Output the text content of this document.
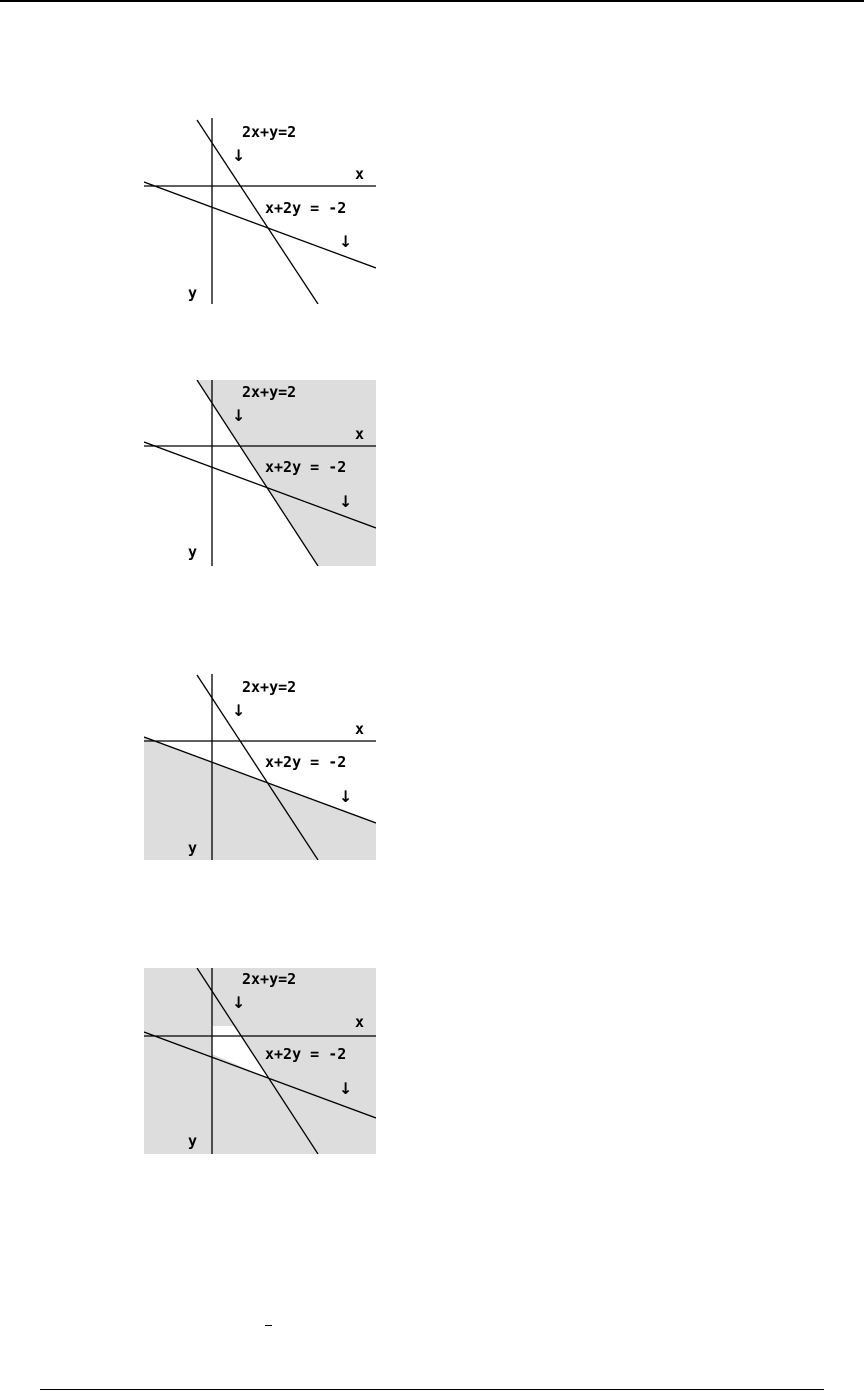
2x+y=2
↓
x
x+2y = -2
↓
y
2x+y=2
↓
x
x+2y = -2
↓
y
2x+y=2
↓
x
x+2y = -2
↓
y
2x+y=2
↓
x
x+2y = -2
↓
y
